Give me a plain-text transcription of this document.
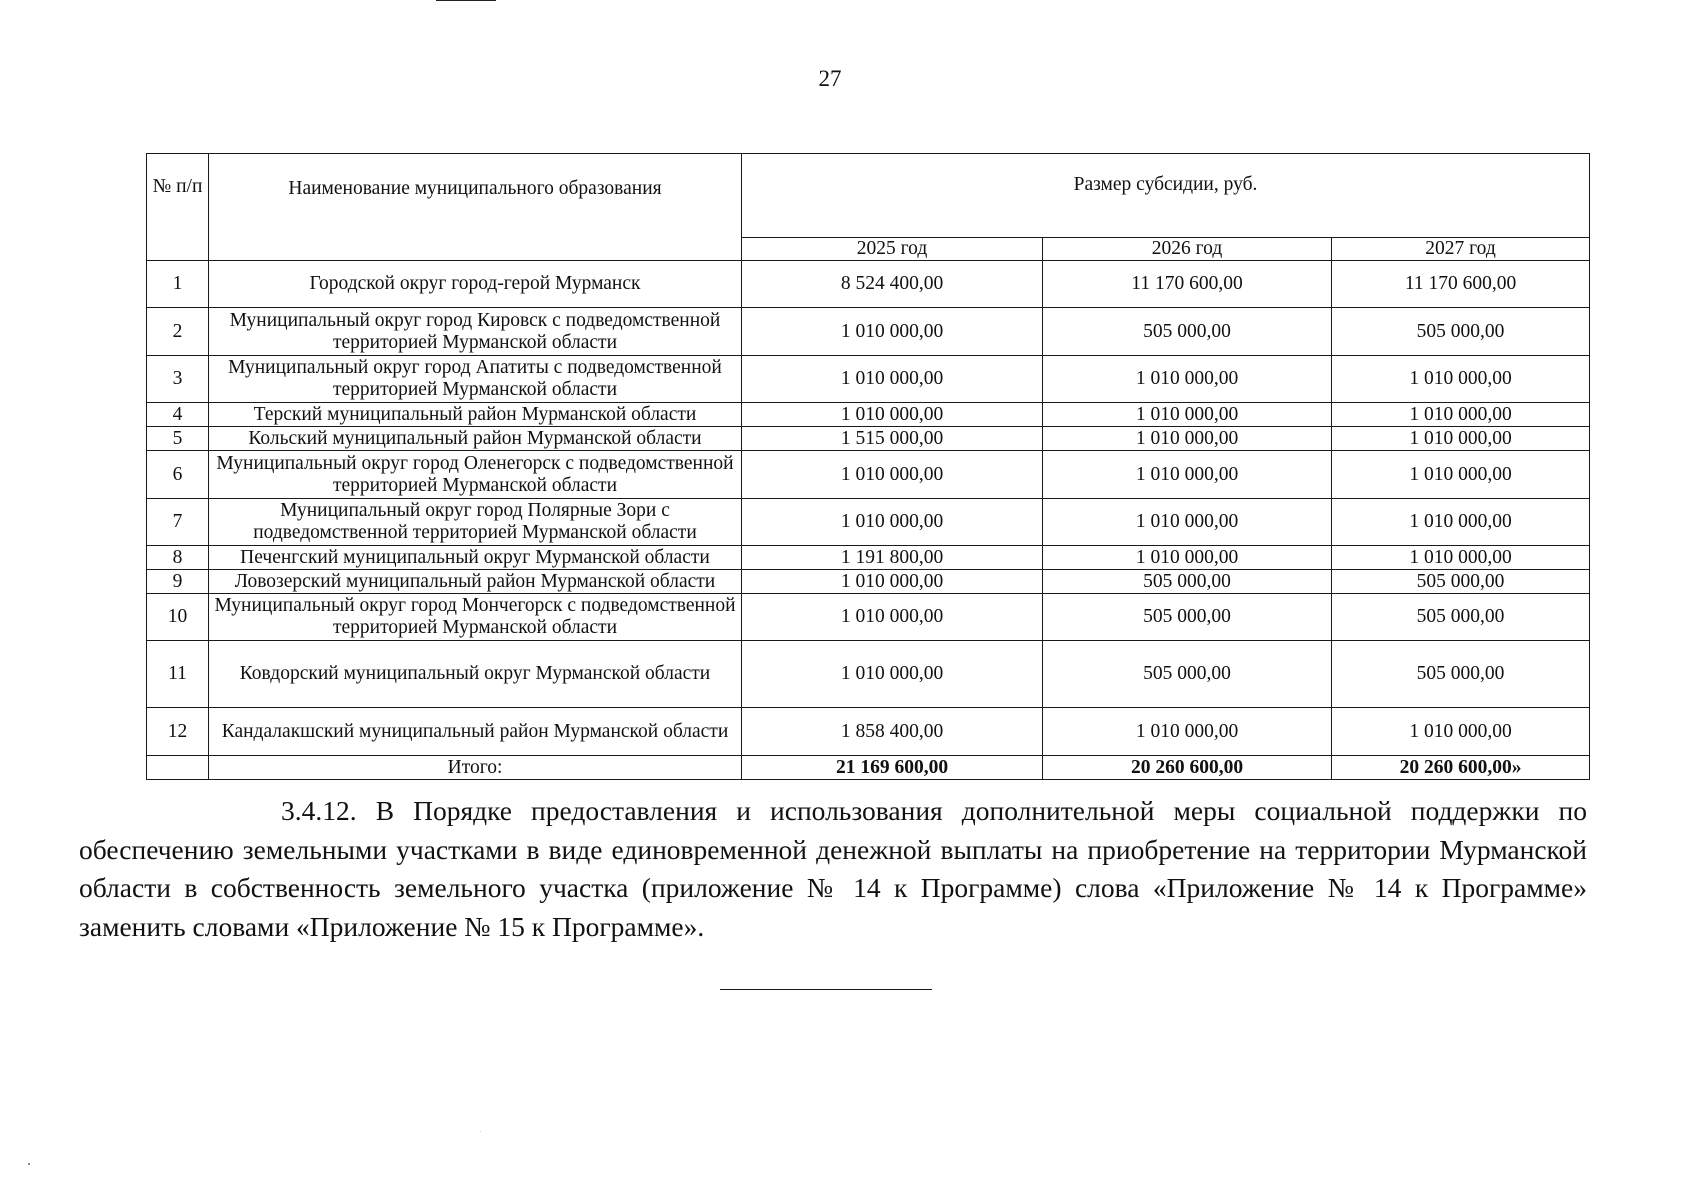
27
№ п/п	Наименование муниципального образования	Размер субсидии, руб.		
		2025 год	2026 год	2027 год
1	Городской округ город-герой Мурманск	8 524 400,00	11 170 600,00	11 170 600,00
2	Муниципальный округ город Кировск с подведомственной территорией Мурманской области	1 010 000,00	505 000,00	505 000,00
3	Муниципальный округ город Апатиты с подведомственной территорией Мурманской области	1 010 000,00	1 010 000,00	1 010 000,00
4	Терский муниципальный район Мурманской области	1 010 000,00	1 010 000,00	1 010 000,00
5	Кольский муниципальный район Мурманской области	1 515 000,00	1 010 000,00	1 010 000,00
6	Муниципальный округ город Оленегорск с подведомственной территорией Мурманской области	1 010 000,00	1 010 000,00	1 010 000,00
7	Муниципальный округ город Полярные Зори с подведомственной территорией Мурманской области	1 010 000,00	1 010 000,00	1 010 000,00
8	Печенгский муниципальный округ Мурманской области	1 191 800,00	1 010 000,00	1 010 000,00
9	Ловозерский муниципальный район Мурманской области	1 010 000,00	505 000,00	505 000,00
10	Муниципальный округ город Мончегорск с подведомственной территорией Мурманской области	1 010 000,00	505 000,00	505 000,00
11	Ковдорский муниципальный округ Мурманской области	1 010 000,00	505 000,00	505 000,00
12	Кандалакшский муниципальный район Мурманской области	1 858 400,00	1 010 000,00	1 010 000,00
	Итого:	21 169 600,00	20 260 600,00	20 260 600,00»
3.4.12. В Порядке предоставления и использования дополнительной меры социальной поддержки по обеспечению земельными участками в виде единовременной денежной выплаты на приобретение на территории Мурманской области в собственность земельного участка (приложение № 14 к Программе) слова «Приложение № 14 к Программе» заменить словами «Приложение № 15 к Программе».
